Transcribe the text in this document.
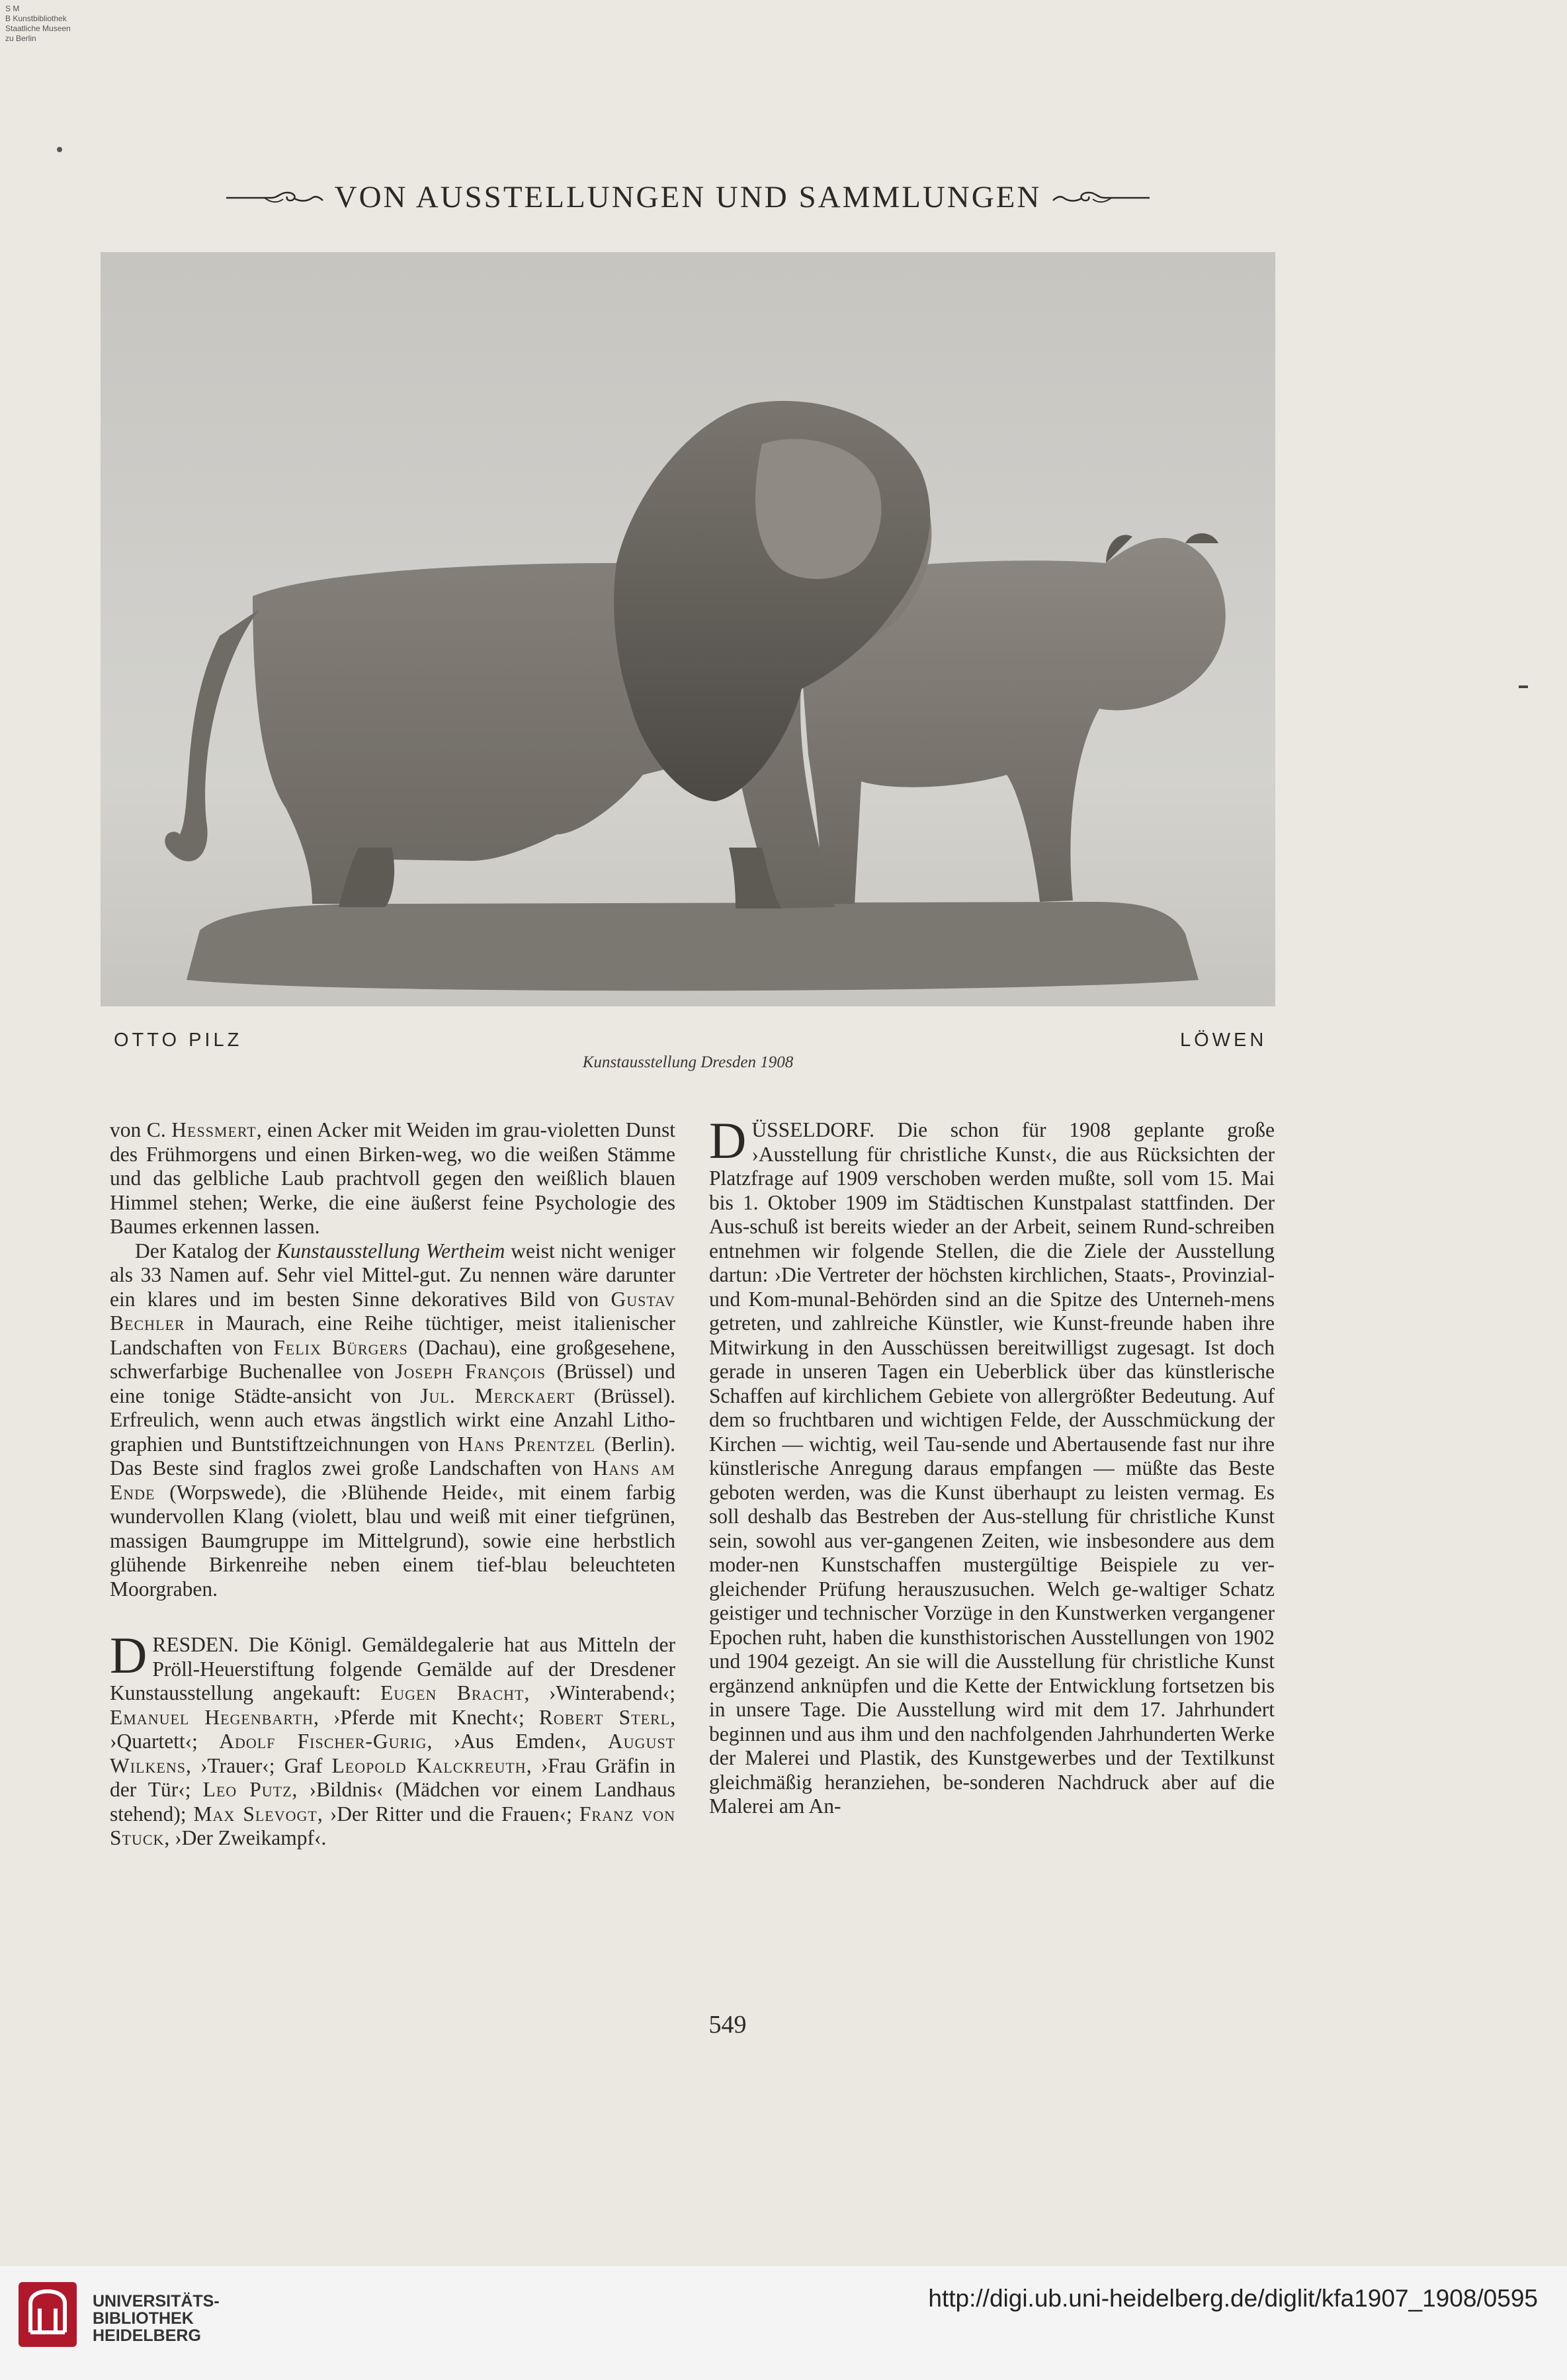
S M
B Kunstbibliothek
Staatliche Museen
zu Berlin
VON AUSSTELLUNGEN UND SAMMLUNGEN
OTTO PILZ	LÖWEN
Kunstausstellung Dresden 1908

von C. Hessmert, einen Acker mit Weiden im grau-violetten Dunst des Frühmorgens und einen Birken-weg, wo die weißen Stämme und das gelbliche Laub prachtvoll gegen den weißlich blauen Himmel stehen; Werke, die eine äußerst feine Psychologie des Baumes erkennen lassen.

Der Katalog der Kunstausstellung Wertheim weist nicht weniger als 33 Namen auf. Sehr viel Mittel-gut. Zu nennen wäre darunter ein klares und im besten Sinne dekoratives Bild von Gustav Bechler in Maurach, eine Reihe tüchtiger, meist italienischer Landschaften von Felix Bürgers (Dachau), eine großgesehene, schwerfarbige Buchenallee von Joseph François (Brüssel) und eine tonige Städte-ansicht von Jul. Merckaert (Brüssel). Erfreulich, wenn auch etwas ängstlich wirkt eine Anzahl Litho-graphien und Buntstiftzeichnungen von Hans Prentzel (Berlin). Das Beste sind fraglos zwei große Landschaften von Hans am Ende (Worpswede), die ›Blühende Heide‹, mit einem farbig wundervollen Klang (violett, blau und weiß mit einer tiefgrünen, massigen Baumgruppe im Mittelgrund), sowie eine herbstlich glühende Birkenreihe neben einem tief-blau beleuchteten Moorgraben.

DRESDEN. Die Königl. Gemäldegalerie hat aus Mitteln der Pröll-Heuerstiftung folgende Gemälde auf der Dresdener Kunstausstellung angekauft: Eugen Bracht, ›Winterabend‹; Emanuel Hegenbarth, ›Pferde mit Knecht‹; Robert Sterl, ›Quartett‹; Adolf Fischer-Gurig, ›Aus Emden‹, August Wilkens, ›Trauer‹; Graf Leopold Kalckreuth, ›Frau Gräfin in der Tür‹; Leo Putz, ›Bildnis‹ (Mädchen vor einem Landhaus stehend); Max Slevogt, ›Der Ritter und die Frauen‹; Franz von Stuck, ›Der Zweikampf‹.

DÜSSELDORF. Die schon für 1908 geplante große ›Ausstellung für christliche Kunst‹, die aus Rücksichten der Platzfrage auf 1909 verschoben werden mußte, soll vom 15. Mai bis 1. Oktober 1909 im Städtischen Kunstpalast stattfinden. Der Aus-schuß ist bereits wieder an der Arbeit, seinem Rund-schreiben entnehmen wir folgende Stellen, die die Ziele der Ausstellung dartun: ›Die Vertreter der höchsten kirchlichen, Staats-, Provinzial- und Kom-munal-Behörden sind an die Spitze des Unterneh-mens getreten, und zahlreiche Künstler, wie Kunst-freunde haben ihre Mitwirkung in den Ausschüssen bereitwilligst zugesagt. Ist doch gerade in unseren Tagen ein Ueberblick über das künstlerische Schaffen auf kirchlichem Gebiete von allergrößter Bedeutung. Auf dem so fruchtbaren und wichtigen Felde, der Ausschmückung der Kirchen — wichtig, weil Tau-sende und Abertausende fast nur ihre künstlerische Anregung daraus empfangen — müßte das Beste geboten werden, was die Kunst überhaupt zu leisten vermag. Es soll deshalb das Bestreben der Aus-stellung für christliche Kunst sein, sowohl aus ver-gangenen Zeiten, wie insbesondere aus dem moder-nen Kunstschaffen mustergültige Beispiele zu ver-gleichender Prüfung herauszusuchen. Welch ge-waltiger Schatz geistiger und technischer Vorzüge in den Kunstwerken vergangener Epochen ruht, haben die kunsthistorischen Ausstellungen von 1902 und 1904 gezeigt. An sie will die Ausstellung für christliche Kunst ergänzend anknüpfen und die Kette der Entwicklung fortsetzen bis in unsere Tage. Die Ausstellung wird mit dem 17. Jahrhundert beginnen und aus ihm und den nachfolgenden Jahrhunderten Werke der Malerei und Plastik, des Kunstgewerbes und der Textilkunst gleichmäßig heranziehen, be-sonderen Nachdruck aber auf die Malerei am An-

549
UNIVERSITÄTS-
BIBLIOTHEK
HEIDELBERG
http://digi.ub.uni-heidelberg.de/diglit/kfa1907_1908/0595
